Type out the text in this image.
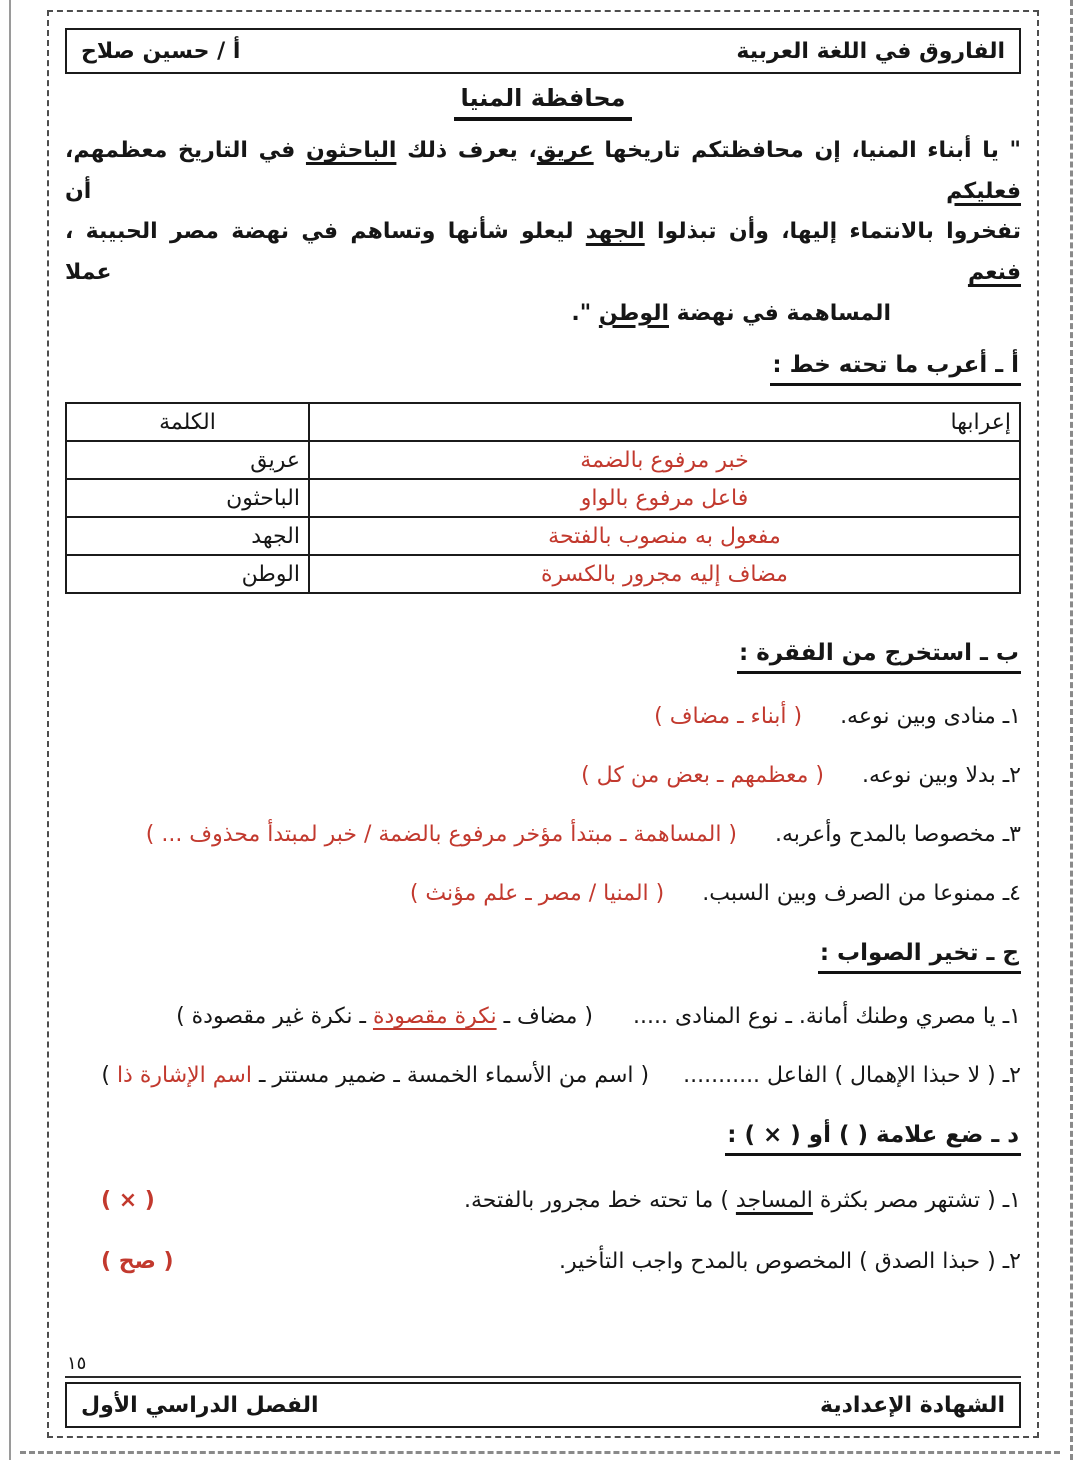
الفاروق في اللغة العربية
أ / حسين صلاح
محافظة المنيا
" يا أبناء المنيا، إن محافظتكم تاريخها عريق، يعرف ذلك الباحثون في التاريخ معظمهم، فعليكم أن
تفخروا بالانتماء إليها، وأن تبذلوا الجهد ليعلو شأنها وتساهم في نهضة مصر الحبيبة ، فنعم عملا
المساهمة في نهضة الوطن ".
أ ـ أعرب ما تحته خط :
إعرابها	الكلمة
خبر مرفوع بالضمة	عريق
فاعل مرفوع بالواو	الباحثون
مفعول به منصوب بالفتحة	الجهد
مضاف إليه مجرور بالكسرة	الوطن
ب ـ استخرج من الفقرة :
١ـ منادى وبين نوعه.( أبناء ـ مضاف )
٢ـ بدلا وبين نوعه.( معظمهم ـ بعض من كل )
٣ـ مخصوصا بالمدح وأعربه.( المساهمة ـ مبتدأ مؤخر مرفوع بالضمة / خبر لمبتدأ محذوف ... )
٤ـ ممنوعا من الصرف وبين السبب.( المنيا / مصر ـ علم مؤنث )
ج ـ تخير الصواب :
١ـ يا مصري وطنك أمانة. ـ نوع المنادى .....( مضاف ـ نكرة مقصودة ـ نكرة غير مقصودة )
٢ـ ( لا حبذا الإهمال ) الفاعل ...........( اسم من الأسماء الخمسة ـ ضمير مستتر ـ اسم الإشارة ذا )
د ـ ضع علامة ( ) أو ( × ) :
١ـ ( تشتهر مصر بكثرة المساجد ) ما تحته خط مجرور بالفتحة.
( × )
٢ـ ( حبذا الصدق ) المخصوص بالمدح واجب التأخير.
( صح )
١٥
الشهادة الإعدادية
الفصل الدراسي الأول
